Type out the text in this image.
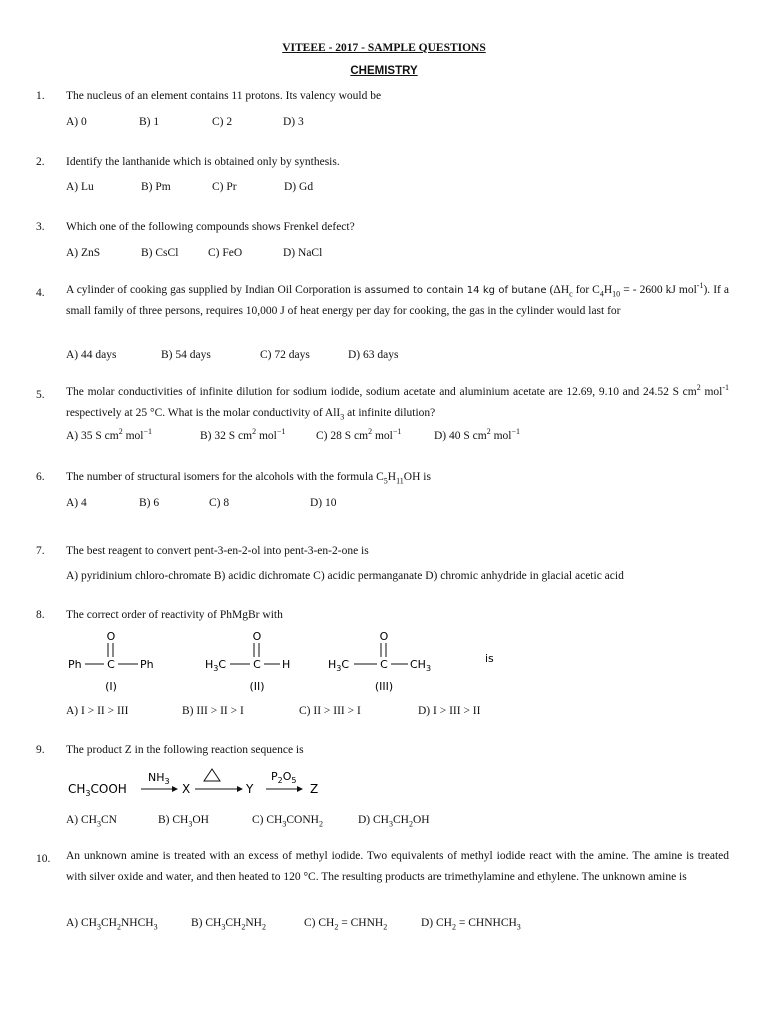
VITEEE - 2017 - SAMPLE QUESTIONS
CHEMISTRY
1. The nucleus of an element contains 11 protons. Its valency would be
A) 0	B) 1	C) 2	D) 3
2. Identify the lanthanide which is obtained only by synthesis.
A) Lu	B) Pm	C) Pr	D) Gd
3. Which one of the following compounds shows Frenkel defect?
A) ZnS	B) CsCl	C) FeO	D) NaCl
4. A cylinder of cooking gas supplied by Indian Oil Corporation is assumed to contain 14 kg of butane ($\Delta H_c$ for $C_4H_{10}$ = - 2600 kJ mol$^{-1}$). If a small family of three persons, requires 10,000 J of heat energy per day for cooking, the gas in the cylinder would last for
A) 44 days	B) 54 days	C) 72 days	D) 63 days
5. The molar conductivities of infinite dilution for sodium iodide, sodium acetate and aluminium acetate are 12.69, 9.10 and 24.52 S $cm^2$ mol$^{-1}$ respectively at 25 °C. What is the molar conductivity of AlI$_3$ at infinite dilution?
A) 35 S $cm^2$ mol$^{-1}$	B) 32 S $cm^2$ mol$^{-1}$	C) 28 S $cm^2$ mol$^{-1}$	D) 40 S $cm^2$ mol$^{-1}$
6. The number of structural isomers for the alcohols with the formula $C_5H_{11}OH$ is
A) 4	B) 6	C) 8	D) 10
7. The best reagent to convert pent-3-en-2-ol into pent-3-en-2-one is
A) pyridinium chloro-chromate B) acidic dichromate C) acidic permanganate D) chromic anhydride in glacial acetic acid
8. The correct order of reactivity of PhMgBr with
O
Ph C Ph
(I)
O
$H_3C$ C H
(II)
O
$H_3C$	C $CH_3$
(III)
is
A) I > II > III	B) III > II > I	C) II > III > I	D) I > III > II
9. The product Z in the following reaction sequence is
$CH_3COOH$
$NH_3$
X	Y
$P_2O_5$
Z
A) $CH_3CN$	B) $CH_3OH$	C) $CH_3CONH_2$	D) $CH_3CH_2OH$
10. An unknown amine is treated with an excess of methyl iodide. Two equivalents of methyl iodide react with the amine. The amine is treated with silver oxide and water, and then heated to 120 °C. The resulting products are trimethylamine and ethylene. The unknown amine is
A) $CH_3CH_2NHCH_3$	B) $CH_3CH_2NH_2$	C) $CH_2$ = $CHNH_2$	D) $CH_2$ = $CHNHCH_3$
